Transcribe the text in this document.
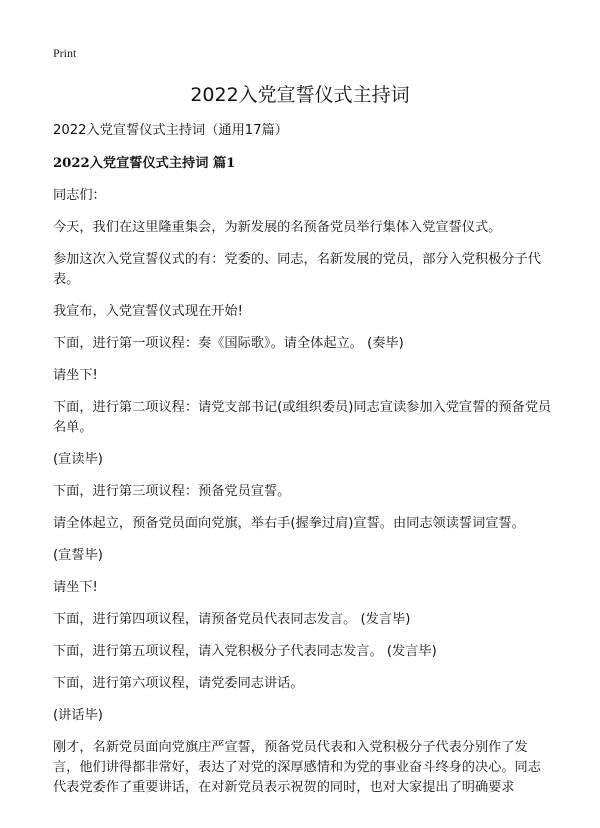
Print
2022入党宣誓仪式主持词

2022入党宣誓仪式主持词（通用17篇）

2022入党宣誓仪式主持词 篇1

同志们：

今天，我们在这里隆重集会，为新发展的名预备党员举行集体入党宣誓仪式。

参加这次入党宣誓仪式的有：党委的、同志，名新发展的党员，部分入党积极分子代表。

我宣布，入党宣誓仪式现在开始!

下面，进行第一项议程：奏《国际歌》。请全体起立。 (奏毕)

请坐下!

下面，进行第二项议程：请党支部书记(或组织委员)同志宣读参加入党宣誓的预备党员名单。

(宣读毕)

下面，进行第三项议程：预备党员宣誓。

请全体起立，预备党员面向党旗，举右手(握拳过肩)宣誓。由同志领读誓词宣誓。

(宣誓毕)

请坐下!

下面，进行第四项议程，请预备党员代表同志发言。 (发言毕)

下面，进行第五项议程，请入党积极分子代表同志发言。 (发言毕)

下面，进行第六项议程，请党委同志讲话。

(讲话毕)

刚才，名新党员面向党旗庄严宣誓，预备党员代表和入党积极分子代表分别作了发言，他们讲得都非常好，表达了对党的深厚感情和为党的事业奋斗终身的决心。同志代表党委作了重要讲话，在对新党员表示祝贺的同时，也对大家提出了明确要求
